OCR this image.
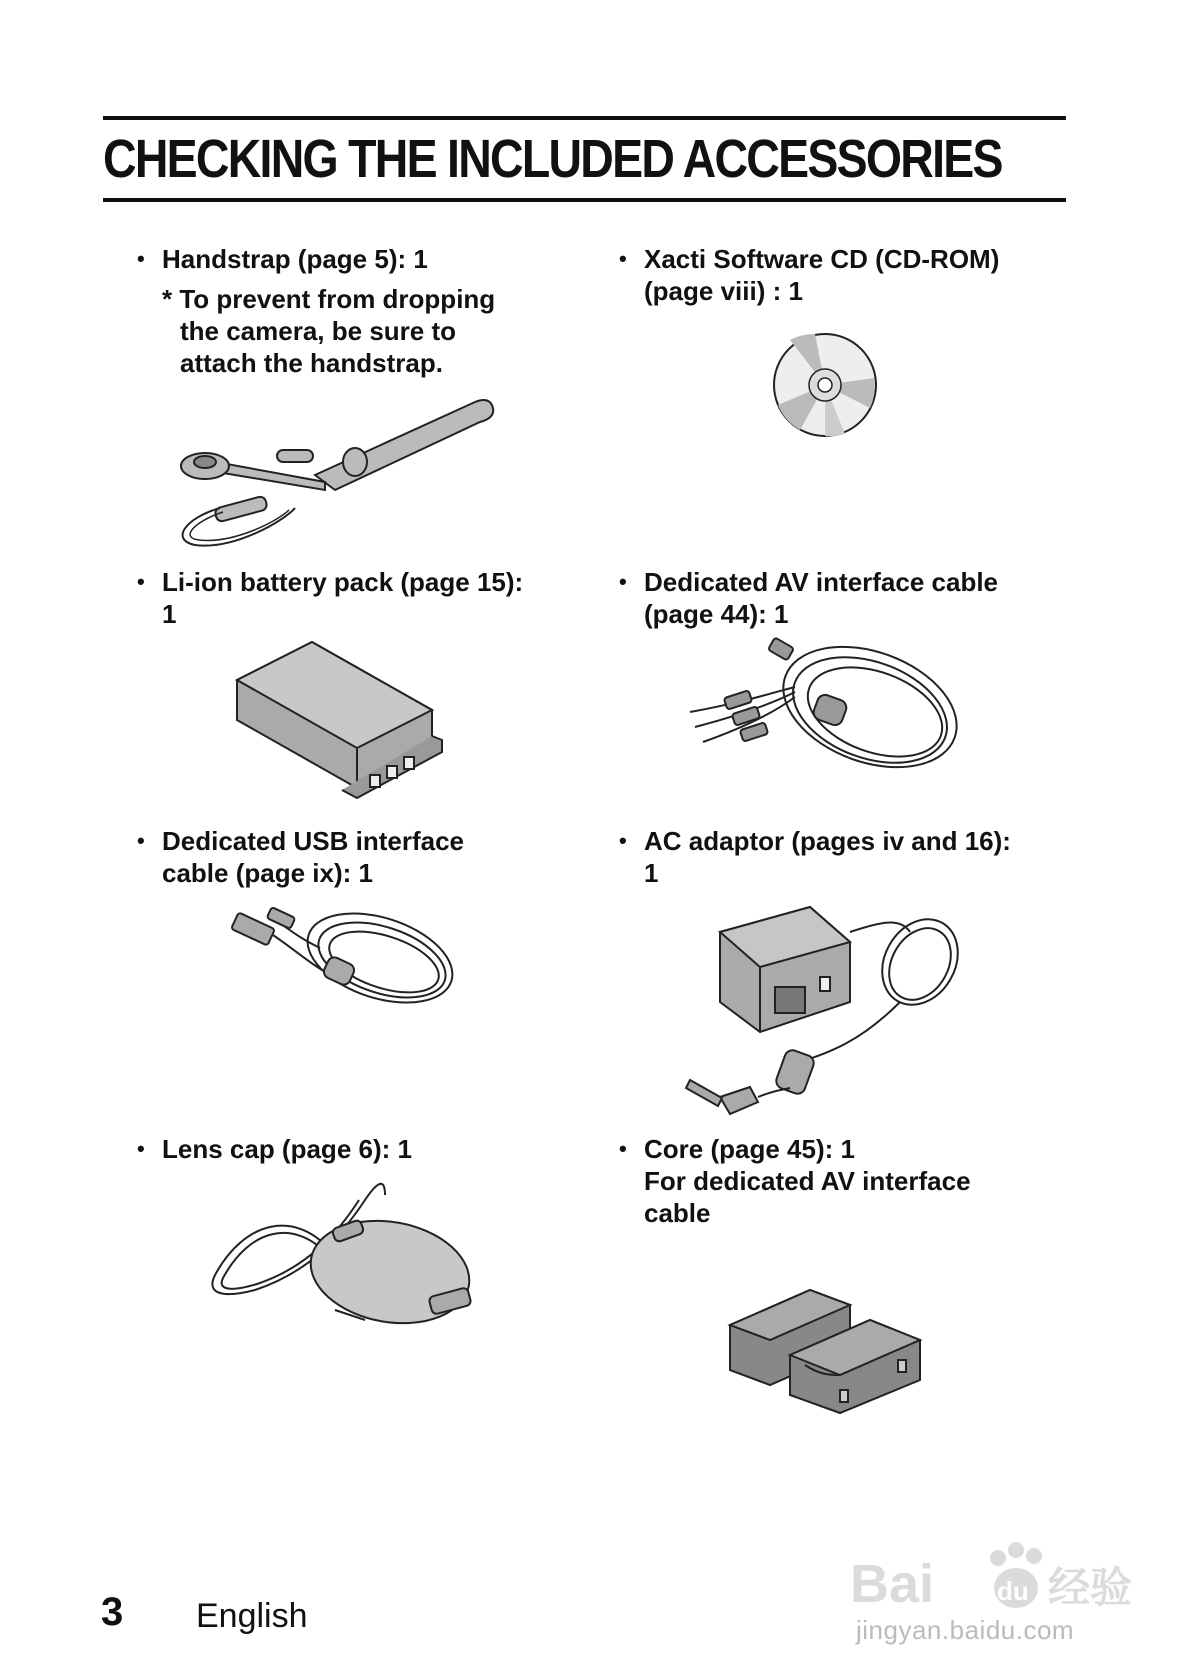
CHECKING THE INCLUDED ACCESSORIES
• Handstrap (page 5): 1
* To prevent from dropping
the camera, be sure to
attach the handstrap.
• Xacti Software CD (CD-ROM)
(page viii) : 1
• Li-ion battery pack (page 15):
1
• Dedicated AV interface cable
(page 44): 1
• Dedicated USB interface
cable (page ix): 1
• AC adaptor (pages iv and 16):
1
• Lens cap (page 6): 1	• Core (page 45): 1
For dedicated AV interface
cable
3 English
Bai du 经验
jingyan.baidu.com
